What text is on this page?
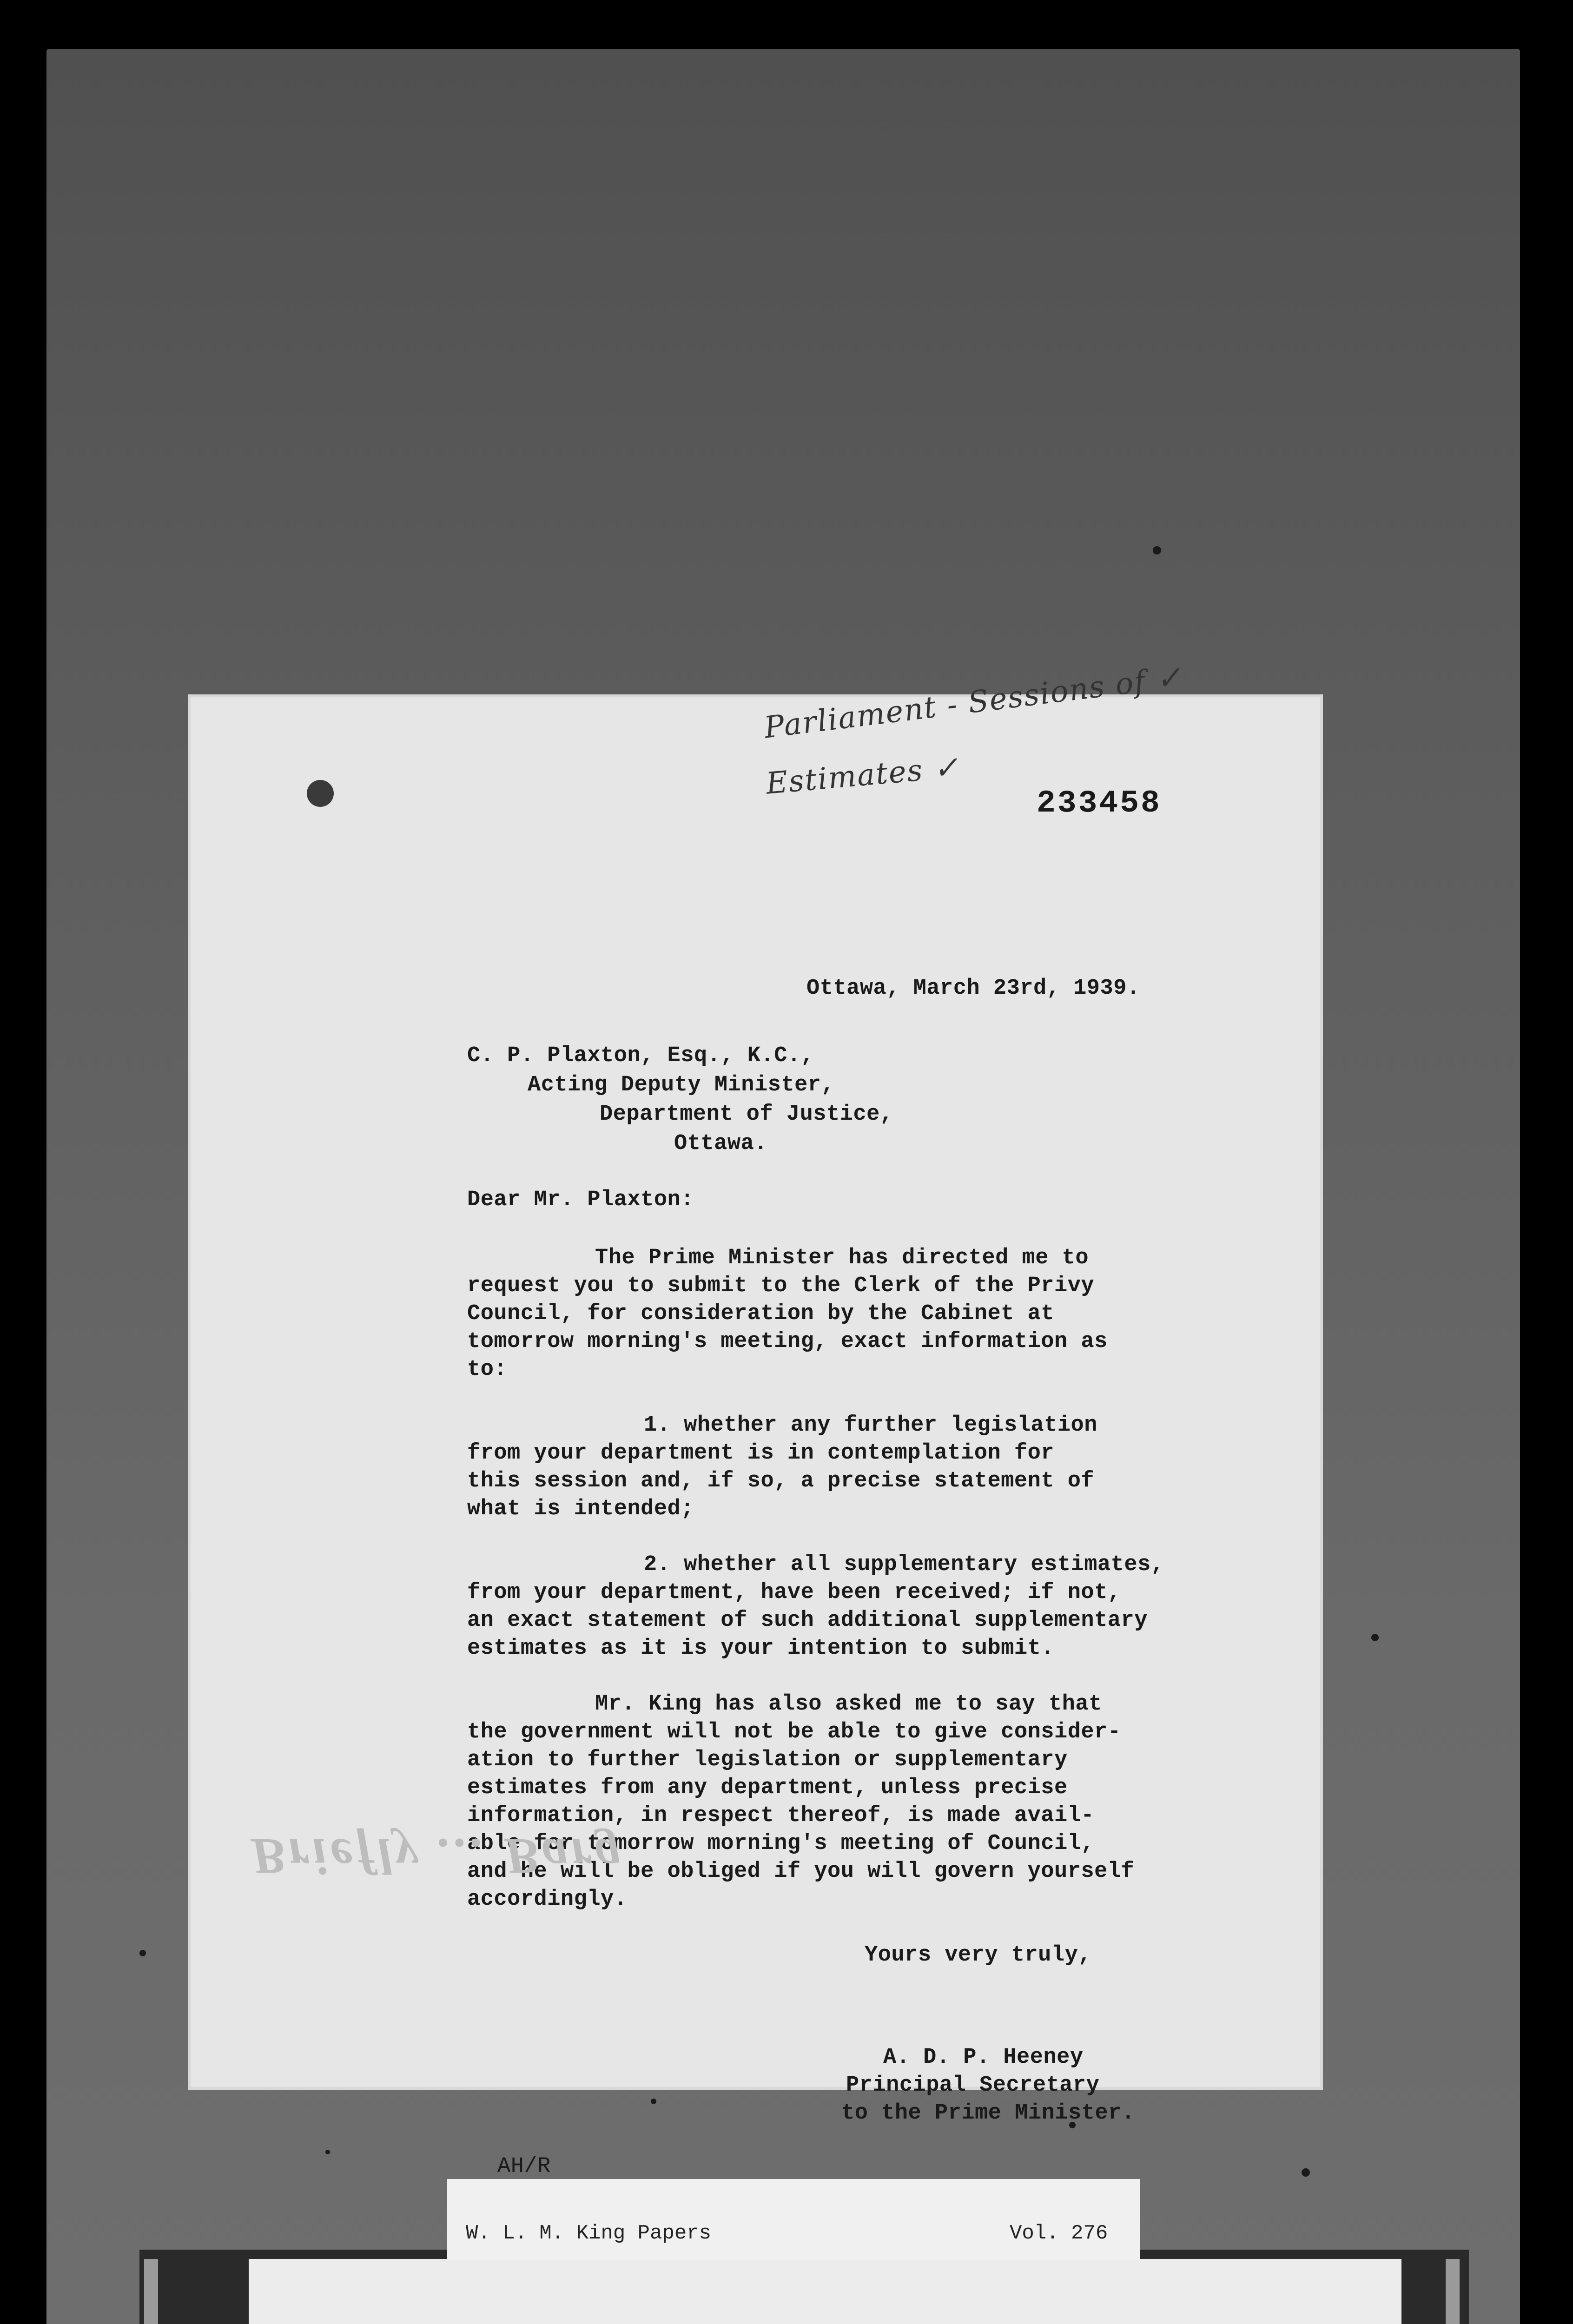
Parliament - Sessions of ✓
Estimates ✓
233458
Ottawa, March 23rd, 1939.
C. P. Plaxton, Esq., K.C.,
Acting Deputy Minister,
Department of Justice,
Ottawa.
Dear Mr. Plaxton:
The Prime Minister has directed me to
request you to submit to the Clerk of the Privy
Council, for consideration by the Cabinet at
tomorrow morning's meeting, exact information as
to:
1. whether any further legislation
from your department is in contemplation for
this session and, if so, a precise statement of
what is intended;
2. whether all supplementary estimates,
from your department, have been received; if not,
an exact statement of such additional supplementary
estimates as it is your intention to submit.
Mr. King has also asked me to say that
the government will not be able to give consider-
ation to further legislation or supplementary
estimates from any department, unless precise
information, in respect thereof, is made avail-
able for tomorrow morning's meeting of Council,
and he will be obliged if you will govern yourself
accordingly.
Yours very truly,
Briefly ... Barg
A. D. P. Heeney
Principal Secretary
to the Prime Minister.
AH/R
W. L. M. King Papers	Vol. 276
